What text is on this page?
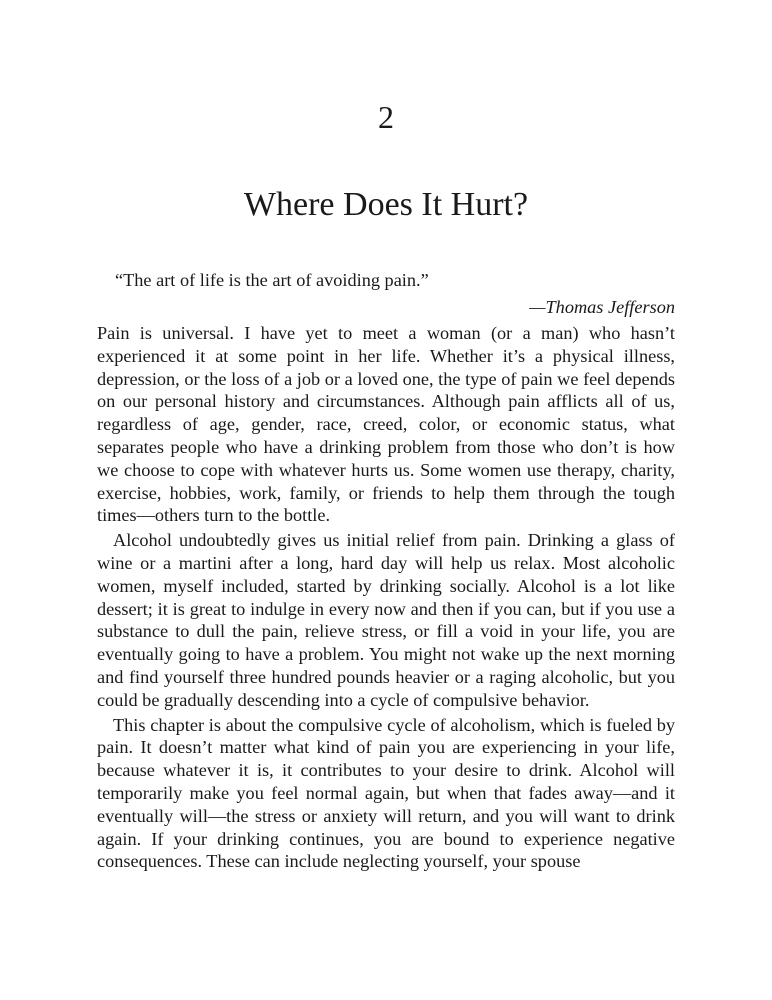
2
Where Does It Hurt?

“The art of life is the art of avoiding pain.”

—Thomas Jefferson

Pain is universal. I have yet to meet a woman (or a man) who hasn’t experienced it at some point in her life. Whether it’s a physical illness, depression, or the loss of a job or a loved one, the type of pain we feel depends on our personal history and circumstances. Although pain afflicts all of us, regardless of age, gender, race, creed, color, or economic status, what separates people who have a drinking problem from those who don’t is how we choose to cope with whatever hurts us. Some women use therapy, charity, exercise, hobbies, work, family, or friends to help them through the tough times—others turn to the bottle.

Alcohol undoubtedly gives us initial relief from pain. Drinking a glass of wine or a martini after a long, hard day will help us relax. Most alcoholic women, myself included, started by drinking socially. Alcohol is a lot like dessert; it is great to indulge in every now and then if you can, but if you use a substance to dull the pain, relieve stress, or fill a void in your life, you are eventually going to have a problem. You might not wake up the next morning and find yourself three hundred pounds heavier or a raging alcoholic, but you could be gradually descending into a cycle of compulsive behavior.

This chapter is about the compulsive cycle of alcoholism, which is fueled by pain. It doesn’t matter what kind of pain you are experiencing in your life, because whatever it is, it contributes to your desire to drink. Alcohol will temporarily make you feel normal again, but when that fades away—and it eventually will—the stress or anxiety will return, and you will want to drink again. If your drinking continues, you are bound to experience negative consequences. These can include neglecting yourself, your spouse
